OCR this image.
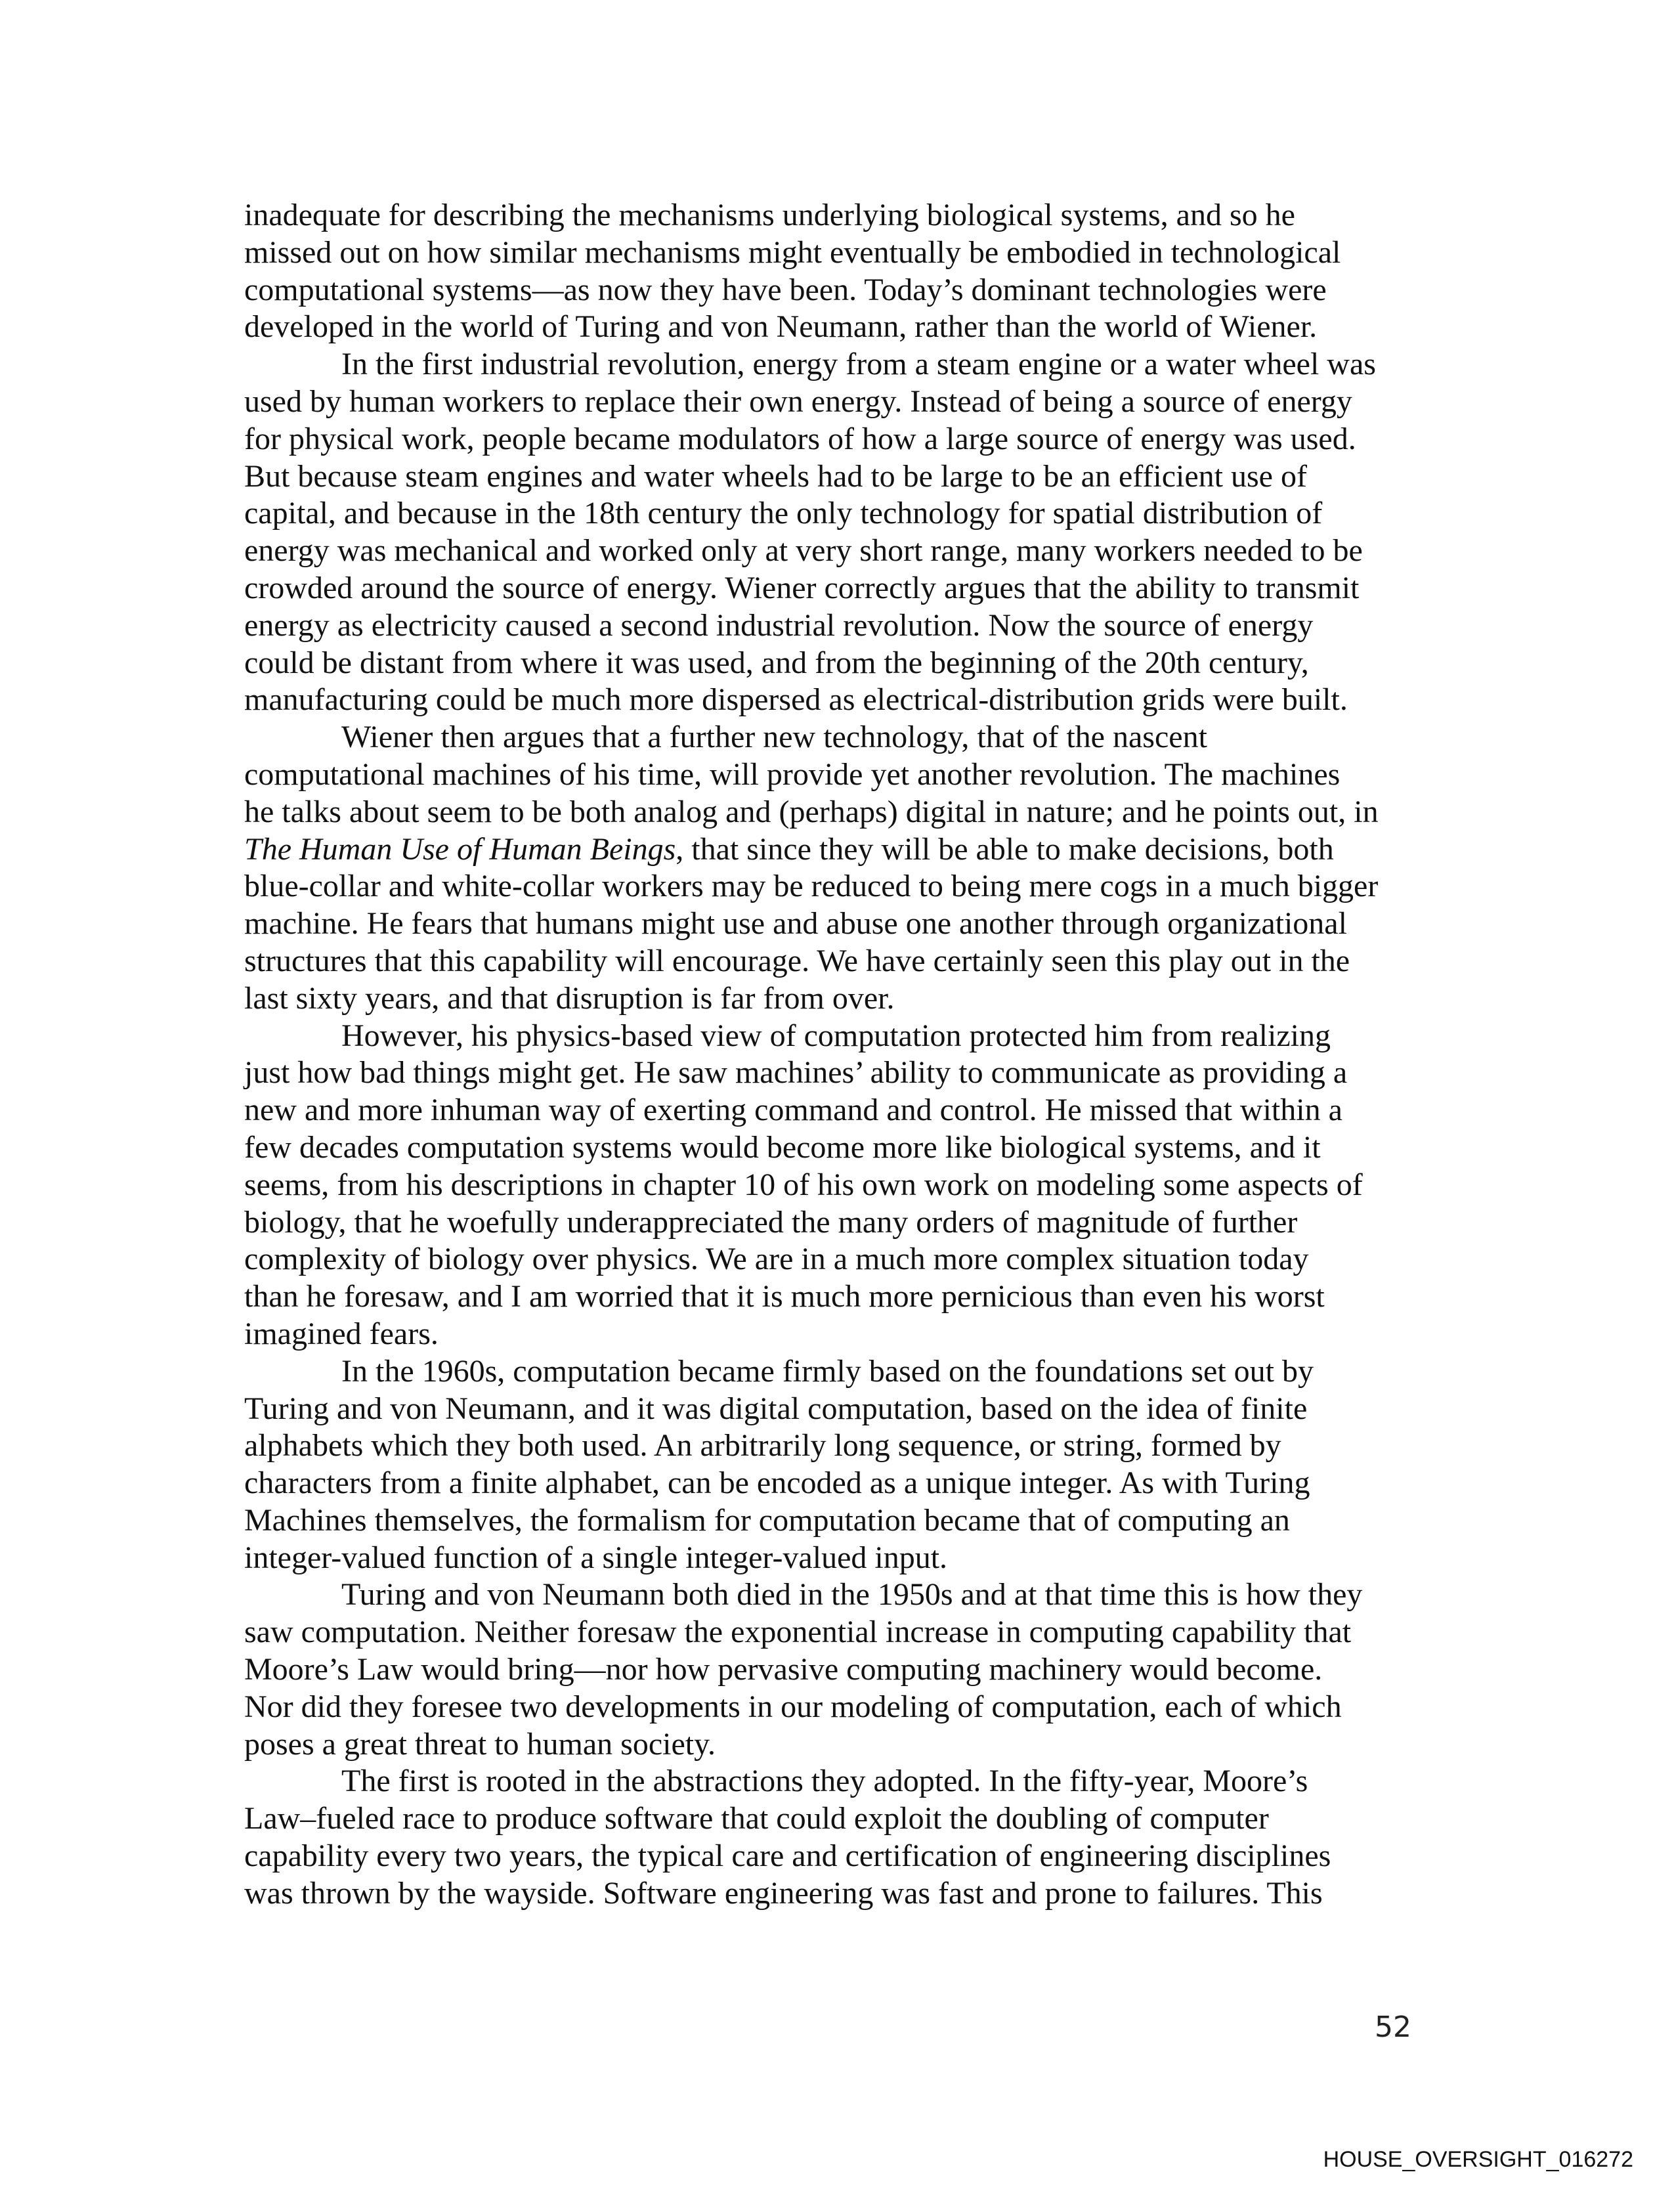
inadequate for describing the mechanisms underlying biological systems, and so he
missed out on how similar mechanisms might eventually be embodied in technological
computational systems—as now they have been. Today’s dominant technologies were
developed in the world of Turing and von Neumann, rather than the world of Wiener.
In the first industrial revolution, energy from a steam engine or a water wheel was
used by human workers to replace their own energy. Instead of being a source of energy
for physical work, people became modulators of how a large source of energy was used.
But because steam engines and water wheels had to be large to be an efficient use of
capital, and because in the 18th century the only technology for spatial distribution of
energy was mechanical and worked only at very short range, many workers needed to be
crowded around the source of energy. Wiener correctly argues that the ability to transmit
energy as electricity caused a second industrial revolution. Now the source of energy
could be distant from where it was used, and from the beginning of the 20th century,
manufacturing could be much more dispersed as electrical-distribution grids were built.
Wiener then argues that a further new technology, that of the nascent
computational machines of his time, will provide yet another revolution. The machines
he talks about seem to be both analog and (perhaps) digital in nature; and he points out, in
The Human Use of Human Beings, that since they will be able to make decisions, both
blue-collar and white-collar workers may be reduced to being mere cogs in a much bigger
machine. He fears that humans might use and abuse one another through organizational
structures that this capability will encourage. We have certainly seen this play out in the
last sixty years, and that disruption is far from over.
However, his physics-based view of computation protected him from realizing
just how bad things might get. He saw machines’ ability to communicate as providing a
new and more inhuman way of exerting command and control. He missed that within a
few decades computation systems would become more like biological systems, and it
seems, from his descriptions in chapter 10 of his own work on modeling some aspects of
biology, that he woefully underappreciated the many orders of magnitude of further
complexity of biology over physics. We are in a much more complex situation today
than he foresaw, and I am worried that it is much more pernicious than even his worst
imagined fears.
In the 1960s, computation became firmly based on the foundations set out by
Turing and von Neumann, and it was digital computation, based on the idea of finite
alphabets which they both used. An arbitrarily long sequence, or string, formed by
characters from a finite alphabet, can be encoded as a unique integer. As with Turing
Machines themselves, the formalism for computation became that of computing an
integer-valued function of a single integer-valued input.
Turing and von Neumann both died in the 1950s and at that time this is how they
saw computation. Neither foresaw the exponential increase in computing capability that
Moore’s Law would bring—nor how pervasive computing machinery would become.
Nor did they foresee two developments in our modeling of computation, each of which
poses a great threat to human society.
The first is rooted in the abstractions they adopted. In the fifty-year, Moore’s
Law–fueled race to produce software that could exploit the doubling of computer
capability every two years, the typical care and certification of engineering disciplines
was thrown by the wayside. Software engineering was fast and prone to failures. This
52
HOUSE_OVERSIGHT_016272
